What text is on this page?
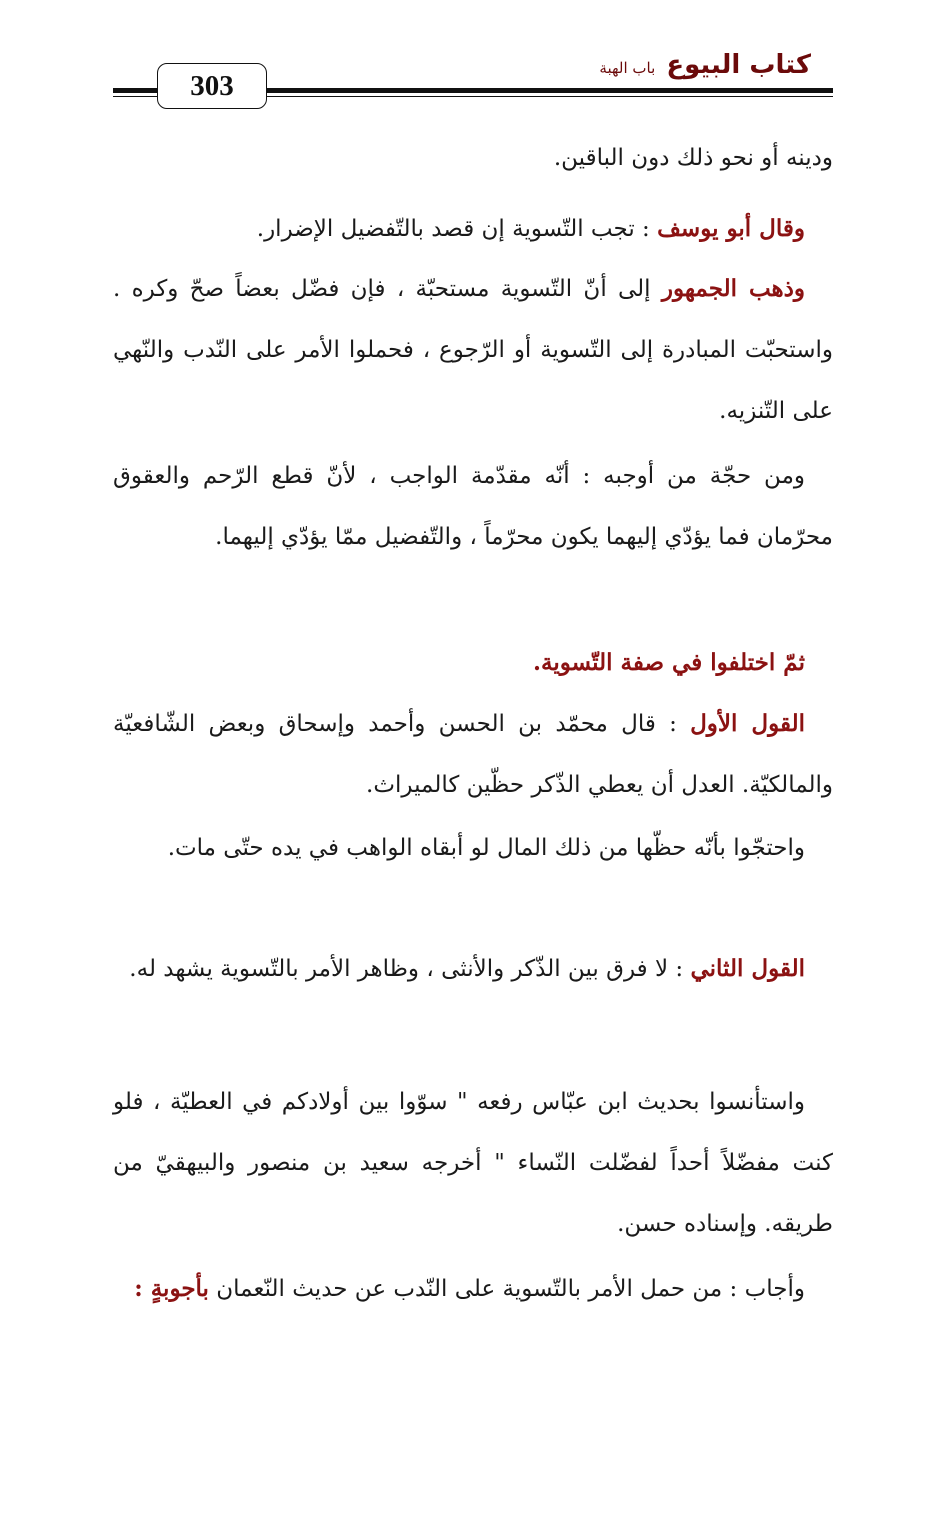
303
كتاب البيوع باب الهبة
ودينه أو نحو ذلك دون الباقين.
وقال أبو يوسف : تجب التّسوية إن قصد بالتّفضيل الإضرار.
وذهب الجمهور إلى أنّ التّسوية مستحبّة ، فإن فضّل بعضاً صحّ وكره . واستحبّت المبادرة إلى التّسوية أو الرّجوع ، فحملوا الأمر على النّدب والنّهي على التّنزيه.
ومن حجّة من أوجبه : أنّه مقدّمة الواجب ، لأنّ قطع الرّحم والعقوق محرّمان فما يؤدّي إليهما يكون محرّماً ، والتّفضيل ممّا يؤدّي إليهما.
ثمّ اختلفوا في صفة التّسوية.
القول الأول : قال محمّد بن الحسن وأحمد وإسحاق وبعض الشّافعيّة والمالكيّة. العدل أن يعطي الذّكر حظّين كالميراث.
واحتجّوا بأنّه حظّها من ذلك المال لو أبقاه الواهب في يده حتّى مات.
القول الثاني : لا فرق بين الذّكر والأنثى ، وظاهر الأمر بالتّسوية يشهد له.
واستأنسوا بحديث ابن عبّاس رفعه " سوّوا بين أولادكم في العطيّة ، فلو كنت مفضّلاً أحداً لفضّلت النّساء " أخرجه سعيد بن منصور والبيهقيّ من طريقه. وإسناده حسن.
وأجاب : من حمل الأمر بالتّسوية على النّدب عن حديث النّعمان بأجوبةٍ :
